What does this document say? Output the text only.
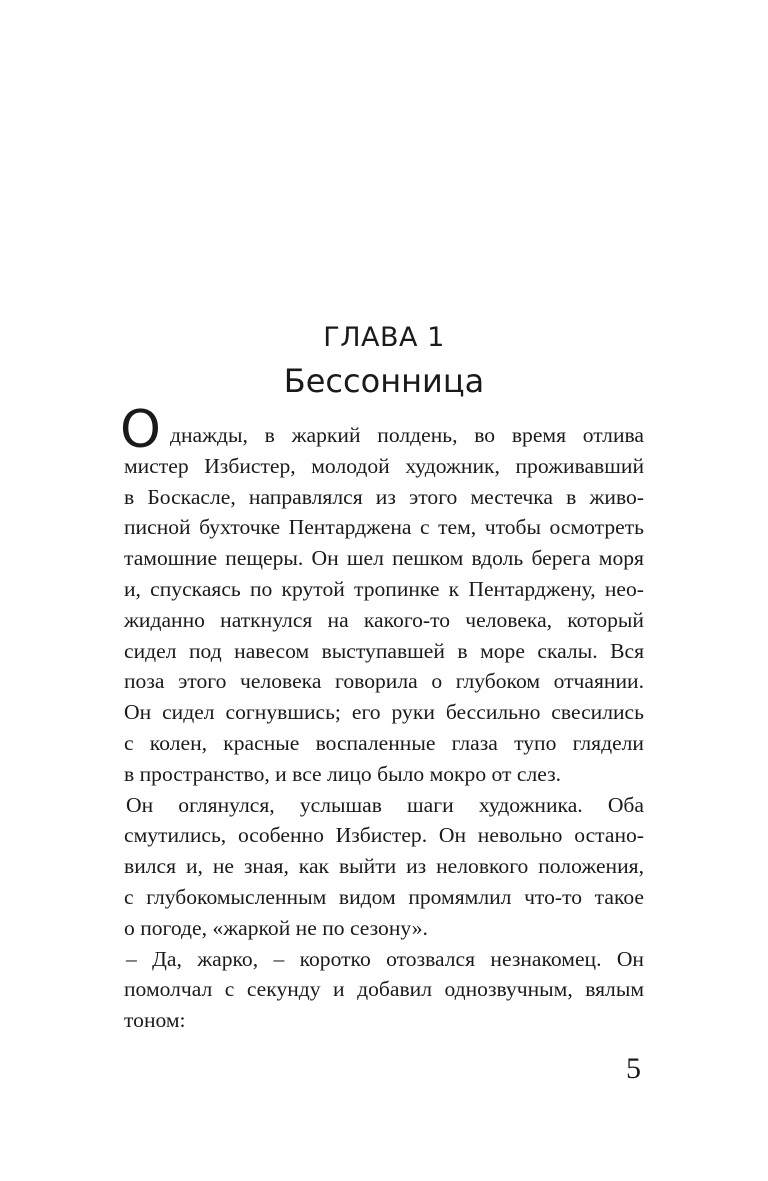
ГЛАВА 1
Бессонница

О днажды, в жаркий полдень, во время отлива
мистер Избистер, молодой художник, проживавший
в Боскасле, направлялся из этого местечка в живо-
писной бухточке Пентарджена с тем, чтобы осмотреть
тамошние пещеры. Он шел пешком вдоль берега моря
и, спускаясь по крутой тропинке к Пентарджену, нео-
жиданно наткнулся на какого-то человека, который
сидел под навесом выступавшей в море скалы. Вся
поза этого человека говорила о глубоком отчаянии.
Он сидел согнувшись; его руки бессильно свесились
с колен, красные воспаленные глаза тупо глядели
в пространство, и все лицо было мокро от слез.

Он оглянулся, услышав шаги художника. Оба
смутились, особенно Избистер. Он невольно остано-
вился и, не зная, как выйти из неловкого положения,
с глубокомысленным видом промямлил что-то такое
о погоде, «жаркой не по сезону».

– Да, жарко, – коротко отозвался незнакомец. Он
помолчал с секунду и добавил однозвучным, вялым
тоном:

5
